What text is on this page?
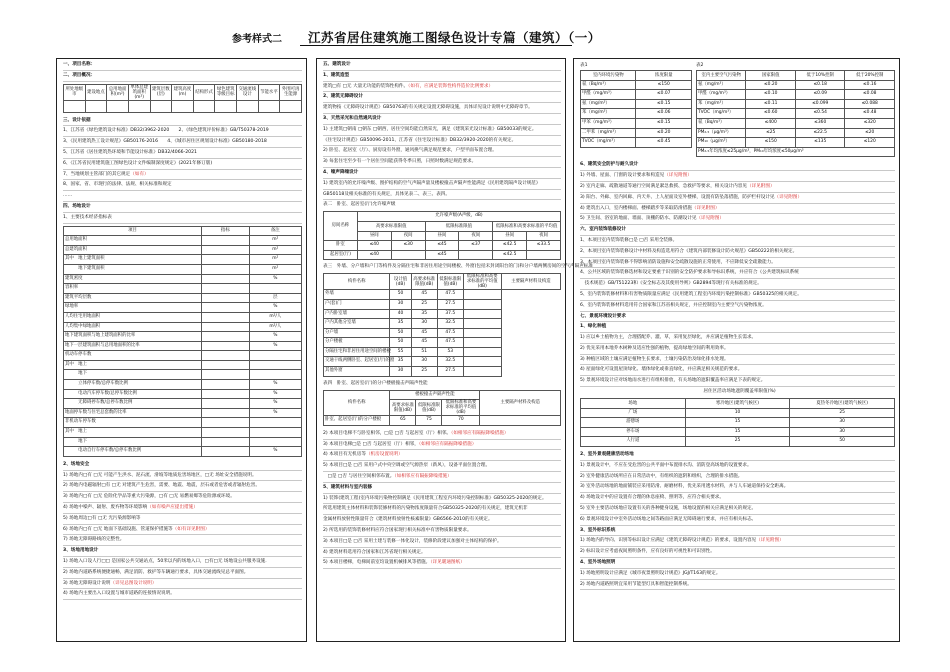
参考样式二 江苏省居住建筑施工图绿色设计专篇（建筑）（一）
一、项目名称：
二、项目概况：
所处地级市	建设地点	总用地面积(m²)	单体总建筑面积(m²)	建筑层数(层)	建筑高度(m)	结构形式	绿色建筑等级目标	交通流线设计	节能水平	外围可再生能源

三、设计依据
1、江苏省《绿色建筑设计标准》DB32/3962-2020　　2、《绿色建筑评价标准》GB/T50378-2019
3、《民用建筑热工设计规范》GB50176-2016　　4、《城市居住区规划设计标准》GB50180-2018
5、江苏省《居住建筑热环境和节能设计标准》DB32/4066-2021
6、《江苏省民用建筑施工图绿色设计文件编制深度规定》(2021年修订版)
7、当地规划主管部门的其它规定（如有）
8、国家、省、市现行的法律、法规、相关标准和规定
……
四、场地设计
1、主要技术经济指标表
项目	指标	备注
总用地面积		m²
总建筑面积		m²
其中　地上建筑面积		m²
　　　地下建筑面积		m²
建筑密度		%
容积率		
建筑平均层数		层
绿地率		%
人均住宅用地面积		m²/人
人均集中绿地面积		m²/人
地下建筑面积与地上建筑面积的比率		%
地下一层建筑面积与总用地面积的比率		%
机动车停车数		
其中　地上		
　　　地下		
　　　立体停车数/总停车数比例		%
　　　电动汽车停车数/总停车数比例		%
　　　无障碍停车数/总停车数比例		%
地面停车数与住宅总套数的比率		%
非机动车停车数		
其中　地上		
　　　地下		
　　　电动自行车停车数/总停车数比例		%
2、场地安全
1) 场地内□有 □无 可能产生洪水、泥石流、滑坡等地质危害场地区，□无 场址安全措施说明。
2) 场地内电磁辐射□有 □无 对建筑产生危害，需要、地震、地震，层石或者危害或者辐射危害。
3) 场地内□有 □无 危险化学品等重大污染源，□有 □无 易燃易爆等危险源或环境。
4) 场地中噪声、辐射、废弃物等环境影响（如有噪声应提出措施）
5) 场地周边□有 □无 光污染源影响等
6) 场地内□有 □无 地面下基础设施、管道保护措施等（如有详见附图）
7) 场地无障碍路线的完整性。
3、场地用地设计
1) 场地入口设人行□□ 是国家公共交通站点，50米以内的场地入口，□有□无 场地设公共服务设施.
2) 场地内道路系统便捷通畅，满足消防、救护等车辆通行要求，具体交通流线见总平面图。
3) 场地无障碍设计说明（详见总图设计说明）
4) 场地内主要出入口设置与城市道路的连接情况说明。
五、建筑设计
1、建筑造型
建筑□有 □无 大量无功能的装饰性构件。（如有，应满足装饰性构件造价比例要求）
2、建筑无障碍设计
建筑物按《无障碍设计规范》GB50763的有关规定设置无障碍设施，具体详见设计说明中无障碍章节。
3、天然采光和自然通风设计
1) 主建筑□朝南 □朝东 □朝西，居住空间均能自然采光，满足《建筑采光设计标准》GB50033的规定。
《住宅设计规范》GB50096-2011、江苏省《住宅设计标准》DB32/3920-2020的有关规定。
2) 卧室、起居室（厅）、厨房设有外窗，通风换气满足规范要求，户型平面布置合理。
3) 每套住宅至少有一个居住空间能获得冬季日照，日照时数满足规范要求。
4、噪声降噪设计
1) 建筑室内的允许噪声级、围护结构的空气声隔声量及楼板撞击声隔声性能满足《民用建筑隔声设计规范》
GB50118及相关标准的有关规定，具体见表二、表三、表四。
表二　卧室、起居室(厅)允许噪声级
房间名称	允许噪声级(A声级，dB)					
	高要求标准限值		低限标准限值		低限标准和高要求标准的平均值	
	昼间	夜间	昼间	夜间	昼间	夜间
卧室	≤40	≤30	≤45	≤37	≤42.5	≤33.5
起居室(厅)	≤40		≤45		≤42.5	
表三　外墙、分户墙和户门等构件及分隔住宅和非居住用途空间楼板、外窗(包括未封闭阳台的门)和分户墙两侧房间的空气声隔声标准
构件名称	设计值(dB)	高要求标准限值(dB)	低限标准限值(dB)	低限标准和高要求标准的平均值(dB)	主要隔声材料及构造
外墙	50	45	47.5		
户(套)门	30	25	27.5		
户内卧室墙	40	35	37.5		
户内其他分室墙	35	30	32.5		
分户墙	50	45	47.5		
分户楼板	50	45	47.5		
分隔住宅和非居住用途空间的楼板	55	51	53		
交通干线两侧卧室、起居室(厅)的窗	35	30	32.5		
其他外窗	30	25	27.5		
表四　卧室、起居室(厅)的分户楼板撞击声隔声性能
构件名称	楼板撞击声隔声性能			主要隔声材料及构造
	高要求标准限值(dB)	低限标准限值(dB)	低限标准和高要求标准的平均值(dB)	
卧室、起居室(厅)的分户楼板	65	75	70	
2) 本项目电梯不与卧室相邻，□是 □否 与起居室（厅）相邻。（如相邻应有隔振降噪措施）
3) 本项目电梯□是 □否 与起居室（厅）相邻，（如相邻应有隔振降噪措施）
4) 本项目有无机房等（机房设置说明）
5) 本项目□是 □否 采用户式中央空调或空气源热泵（新风），设备平面位置合理。
　□是 □否 与居住空间相邻布置。（如相邻应有隔振降噪措施）
5、建筑材料与室内装修
1) 装饰(建筑工程)室内环境污染物控制满足《民用建筑工程室内环境污染控制标准》GB50325-2020的规定。
所选用建筑主体材料和装饰装修材料的污染物浓度限量符合GB50325-2020的有关规定，建筑无机非
金属材料放射性限量符合《建筑材料放射性核素限量》GB6566-2010的有关规定。
2) 所选用的装饰装修材料应符合国家现行相关标准中有害物质限量要求。
3) 本项目□是 □否 采用土建与装修一体化设计，装修阶段建议加强对主体结构的保护。
4) 建筑材料选用符合国家和江苏省现行相关规定。
5) 本项目楼梯，电梯间前室均设置机械排风等措施。（详见暖通图纸）
表1
室内环境污染物	浓度限量
氡（Bq/m³）	≤150
甲醛（mg/m³）	≤0.07
氨（mg/m³）	≤0.15
苯（mg/m³）	≤0.06
甲苯（mg/m³）	≤0.15
二甲苯（mg/m³）	≤0.20
TVOC（mg/m³）	≤0.45
表2
室内主要空气污染物	国家限值	低于10%控制	低于20%控制
氨（mg/m³）	≤0.20	≤0.18	≤0.16
甲醛（mg/m³）	≤0.10	≤0.09	≤0.08
苯（mg/m³）	≤0.11	≤0.099	≤0.088
TVOC（mg/m³）	≤0.60	≤0.54	≤0.48
氡（Bq/m³）	≤400	≤360	≤320
PM₂.₅（μg/m³）	≤25	≤22.5	≤20
PM₁₀（μg/m³）	≤150	≤135	≤120
PM₂.₅年均浓度≤25μg/m³，PM₁₀年均浓度≤50μg/m³			
6、建筑安全防护与耐久设计
1) 外墙、屋面、门窗的设计要求和构造见（详见附图）
2) 室内走廊、疏散通道等通行空间满足紧急救援、急救护等要求，相关设计内容见（详见附图）
3) 阳台、外廊、室内回廊、内天井、上人屋面及室外楼梯，设置有防坠落措施，防护栏杆设计见（详见附图）
4) 建筑出入口，室内楼梯面、楼梯踏步等采取防滑措施（详见附图）
5) 卫生间、浴室的地面、墙面、顶棚的防水、防潮设计见（详见附图）
六、室内装饰装修设计
1、本项目室内装饰装修□是 □否 采用全装修。
2、本项目室内装饰装修设计中材料及构造选用符合《建筑内部装修设计防火规范》GB50222的相关规定。
3、本项目室内装饰装修不得影响消防设施和安全疏散设施的正常使用，不应降低安全疏散能力。
4、公共区域的装饰装修选材和设定要重于识别的安全防护要求和导标识系统，并应符合《公共建筑标识系统
　技术规范》GB/T51223和《安全标志及其使用导则》GB2894等现行有关标准的规定。
5、室内装饰装修材料和有害物质限量应满足《民用建筑工程室内环境污染控制标准》GB50325的相关规定。
6、室内装饰装修材料选用符合国家和江苏省相关规定，并应控制室内主要空气污染物浓度。
七、景观环境设计要求
1、绿化种植
1) 应以乡土植物为主，合理搭配乔、灌、草，采用复层绿化，并应满足植物生长需求。
2) 优先采用本地乔木树种及适应性强的植物，提高绿地空间的利用效率。
3) 种植区域的土壤应满足植物生长要求，土壤污染防治及绿化排水处理。
4) 屋面绿化可设置屋顶绿化、墙体绿化或垂直绿化，并应满足相关规范的要求。
5) 景观环境设计应对场地雨水进行有组织排放，有关场地的遮阳覆盖率应满足下表的规定。
居住区活动场地遮阴覆盖率限值(%)
场地	寒冷地区(建筑气候区)	夏热冬冷地区(建筑气候区)
广场	10	25
游憩场	15	30
停车场	15	30
人行道	25	50
2、室外景观健康活动场地
1) 景观设计中，不应在受危害的公共平面中布置排水沟、消防登高场地的设置要求。
2) 室外健康活动场所应在日常活动中，有组织的遮阴和组织，合理的排水措施。
3) 室外活动场地的地面铺装应采用防滑、耐磨材料，优先采用透水材料，并与人车通道保持安全距离。
4) 场地设计中的应设置有合理的休息座椅、照明等，应符合相关要求。
5) 室外主要活动场地应设置有关的各种健身设施，场地设置的相关应满足相关的规定。
6) 景观环境设计中室外活动场地之间等路面应满足无障碍通行要求，并应有相关标志。
3、室外标识系统
1) 场地内的导向、识别等标识设计应满足《建筑无障碍设计规范》的要求，设置内容见（详见附图）
2) 标识设计应考虑夜间照明条件，应有良好的可视性和可识别性。
4、室外场地照明
1) 场地照明设计应满足《城市夜景照明设计规范》JGJ/T163的规定。
2) 场地内道路照明宜采用节能型灯具和智能控制系统。
